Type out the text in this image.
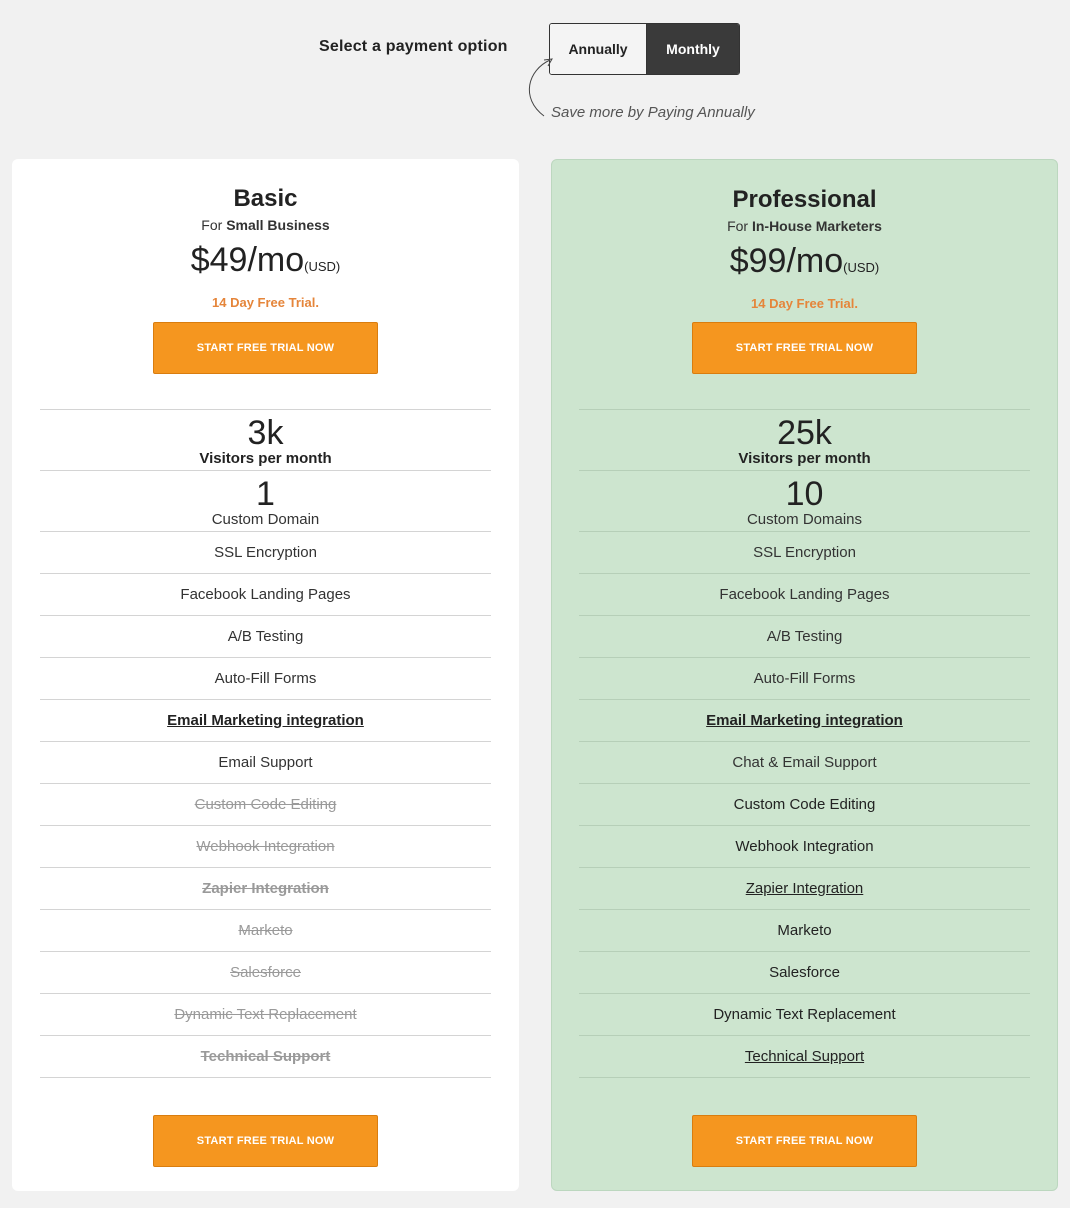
Select a payment option	Annually	Monthly
Save more by Paying Annually
Basic
For Small Business
$49/mo(USD)
14 Day Free Trial.
START FREE TRIAL NOW
3k
Visitors per month
1
Custom Domain
SSL Encryption
Facebook Landing Pages
A/B Testing
Auto-Fill Forms
Email Marketing integration
Email Support
Custom Code Editing
Webhook Integration
Zapier Integration
Marketo
Salesforce
Dynamic Text Replacement
Technical Support
START FREE TRIAL NOW
Professional
For In-House Marketers
$99/mo(USD)
14 Day Free Trial.
START FREE TRIAL NOW
25k
Visitors per month
10
Custom Domains
SSL Encryption
Facebook Landing Pages
A/B Testing
Auto-Fill Forms
Email Marketing integration
Chat & Email Support
Custom Code Editing
Webhook Integration
Zapier Integration
Marketo
Salesforce
Dynamic Text Replacement
Technical Support
START FREE TRIAL NOW
